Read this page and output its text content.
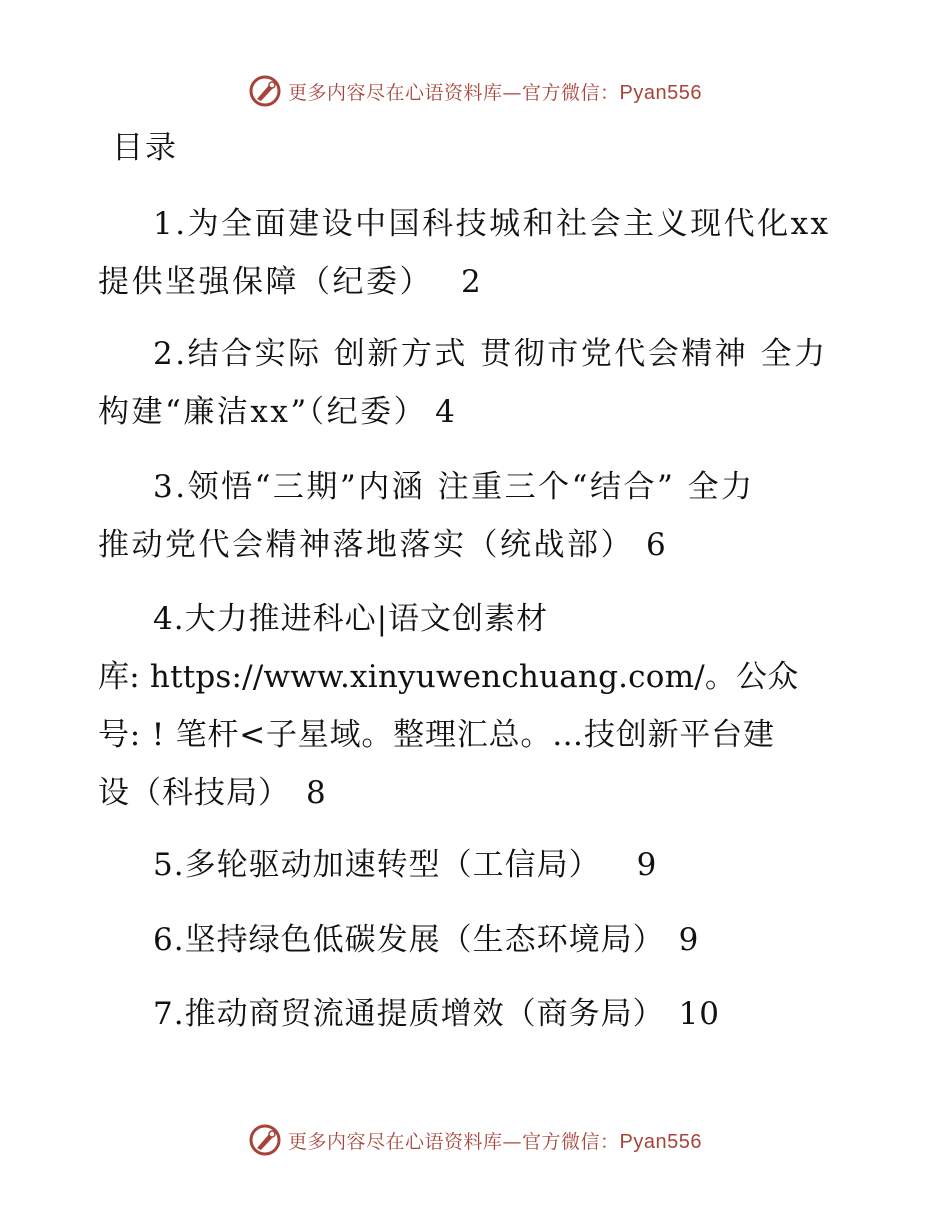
更多内容尽在心语资料库—官方微信：Pyan556
目录
1.为全面建设中国科技城和社会主义现代化xx
提供坚强保障（纪委） 2
2.结合实际 创新方式 贯彻市党代会精神 全力
构建“廉洁xx”（纪委） 4
3.领悟“三期”内涵 注重三个“结合” 全力
推动党代会精神落地落实（统战部） 6
4.大力推进科心|语文创素材
库: https://www.xinyuwenchuang.com/。公众
号: ! 笔杆<子星域。整理汇总。…技创新平台建
设（科技局） 8
5.多轮驱动加速转型（工信局） 9
6.坚持绿色低碳发展（生态环境局） 9
7.推动商贸流通提质增效（商务局） 10
更多内容尽在心语资料库—官方微信：Pyan556
